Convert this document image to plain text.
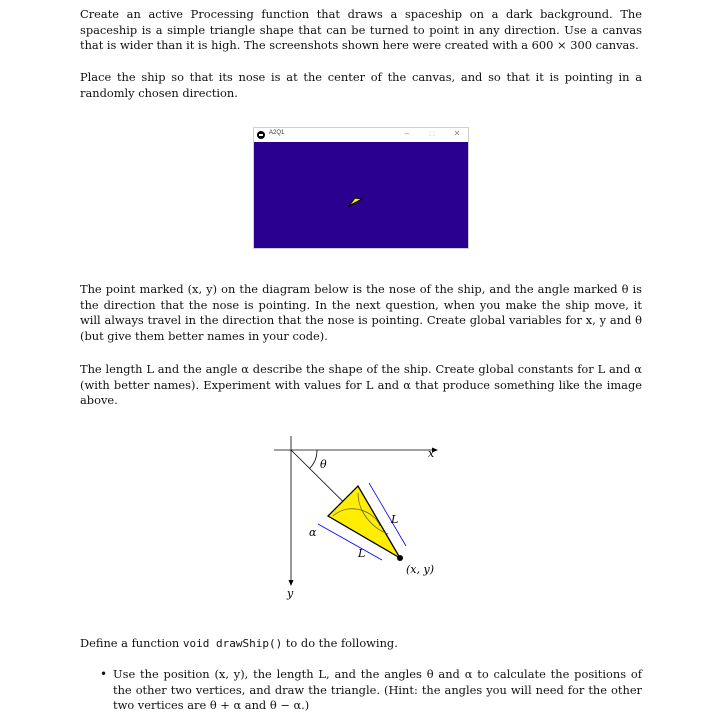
Create an active Processing function that draws a spaceship on a dark background. The spaceship is a simple triangle shape that can be turned to point in any direction. Use a canvas that is wider than it is high. The screenshots shown here were created with a 600 × 300 canvas.

Place the ship so that its nose is at the center of the canvas, and so that it is pointing in a randomly chosen direction.

A2Q1	–	□	✕

The point marked (x, y) on the diagram below is the nose of the ship, and the angle marked θ is the direction that the nose is pointing. In the next question, when you make the ship move, it will always travel in the direction that the nose is pointing. Create global variables for x, y and θ (but give them better names in your code).

The length L and the angle α describe the shape of the ship. Create global constants for L and α (with better names). Experiment with values for L and α that produce something like the image above.

x
y
θ
α
L
L
(x, y)

Define a function void drawShip() to do the following.

• Use the position (x, y), the length L, and the angles θ and α to calculate the positions of the other two vertices, and draw the triangle. (Hint: the angles you will need for the other two vertices are θ + α and θ − α.)
